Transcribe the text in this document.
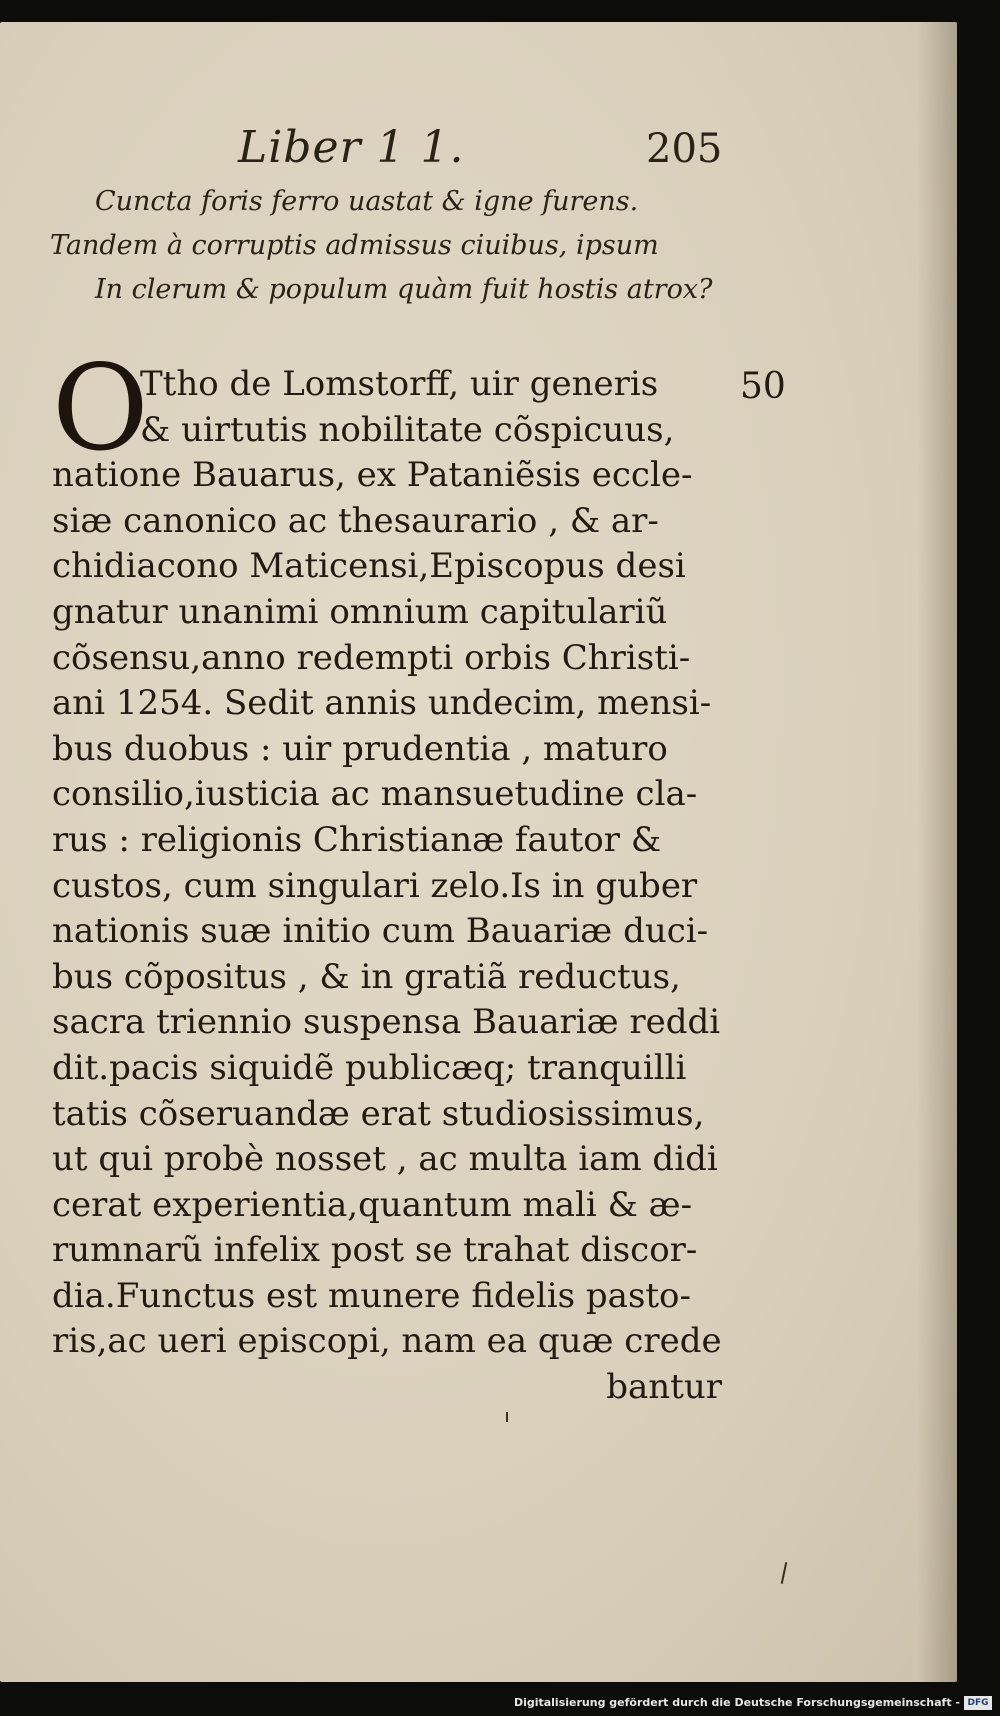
Liber 1 1.	205
Cuncta foris ferro uastat & igne furens.
Tandem à corruptis admissus ciuibus, ipsum
In clerum & populum quàm fuit hostis atrox?
O	50
Ttho de Lomstorff, uir generis
& uirtutis nobilitate cõspicuus,
natione Bauarus, ex Pataniẽsis eccle-
siæ canonico ac thesaurario , & ar-
chidiacono Maticensi,Episcopus desi
gnatur unanimi omnium capitulariũ
cõsensu,anno redempti orbis Christi-
ani 1254. Sedit annis undecim, mensi-
bus duobus : uir prudentia , maturo
consilio,iusticia ac mansuetudine cla-
rus : religionis Christianæ fautor &
custos, cum singulari zelo.Is in guber
nationis suæ initio cum Bauariæ duci-
bus cõpositus , & in gratiã reductus,
sacra triennio suspensa Bauariæ reddi
dit.pacis siquidẽ publicæq; tranquilli
tatis cõseruandæ erat studiosissimus,
ut qui probè nosset , ac multa iam didi
cerat experientia,quantum mali & æ-
rumnarũ infelix post se trahat discor-
dia.Functus est munere fidelis pasto-
ris,ac ueri episcopi, nam ea quæ crede
bantur
Digitalisierung gefördert durch die Deutsche Forschungsgemeinschaft - DFG
